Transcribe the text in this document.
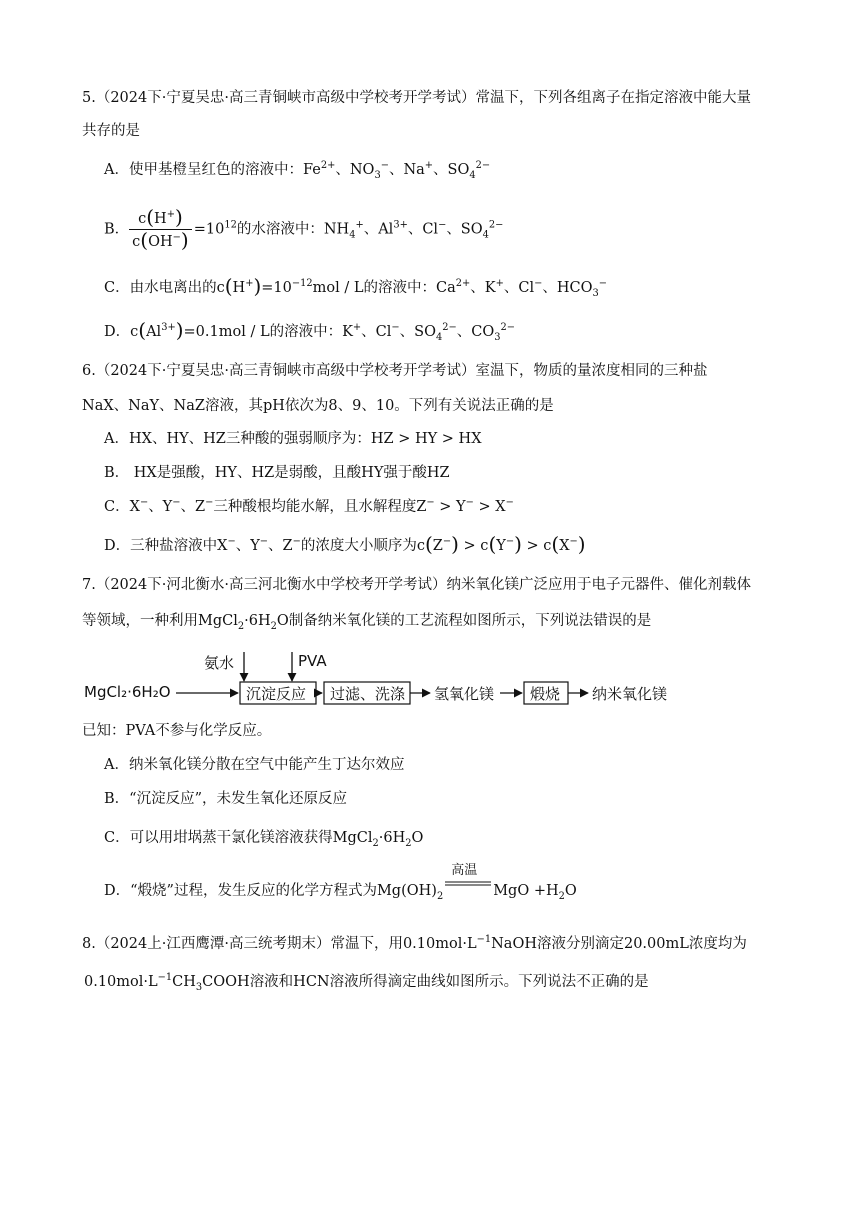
5.（2024下·宁夏吴忠·高三青铜峡市高级中学校考开学考试）常温下，下列各组离子在指定溶液中能大量
共存的是
A．使甲基橙呈红色的溶液中：$Fe^{2+}$、$NO_3^-$、Na+、$SO_4^{2-}$
B． $\frac{c(H^+)}{c(OH^-)} =10^{12}$的水溶液中：$NH_4^+$、$Al^{3+}$、Cl−、$SO_4^{2-}$
C．由水电离出的$c(H^+)=10^{-12}mol / L$的溶液中：$Ca^{2+}$、K+、Cl−、$HCO_3^-$
D．$c(Al^{3+})=0.1mol / L$的溶液中：K+、Cl−、$SO_4^{2-}$、$CO_3^{2-}$
6.（2024下·宁夏吴忠·高三青铜峡市高级中学校考开学考试）室温下，物质的量浓度相同的三种盐
NaX、NaY、NaZ溶液，其pH依次为8、9、10。下列有关说法正确的是
A．HX、HY、HZ三种酸的强弱顺序为：HZ > HY > HX
B． HX是强酸，HY、HZ是弱酸，且酸HY强于酸HZ
C．X−、Y−、Z−三种酸根均能水解，且水解程度Z− > Y− > X−
D．三种盐溶液中X−、Y−、Z−的浓度大小顺序为c(Z−) > c(Y−) > c(X−)
7.（2024下·河北衡水·高三河北衡水中学校考开学考试）纳米氧化镁广泛应用于电子元器件、催化剂载体
等领域，一种利用$MgCl_2\cdot 6H_2O$制备纳米氧化镁的工艺流程如图所示，下列说法错误的是
MgCl₂·6H₂O
氨水	PVA
沉淀反应 过滤、洗涤 氢氧化镁 煅烧 纳米氧化镁
已知：PVA不参与化学反应。
A．纳米氧化镁分散在空气中能产生丁达尔效应
B．“沉淀反应”，未发生氧化还原反应
C．可以用坩埚蒸干氯化镁溶液获得$MgCl_2\cdot 6H_2O$
D．“煅烧”过程，发生反应的化学方程式为$Mg(OH)_2$
高温
MgO $+H_2O$
8.（2024上·江西鹰潭·高三统考期末）常温下，用$0.10mol\cdot L^{-1}NaOH$溶液分别滴定20.00mL浓度均为
$0.10mol\cdot L^{-1}CH_3COOH$溶液和HCN溶液所得滴定曲线如图所示。下列说法不正确的是
